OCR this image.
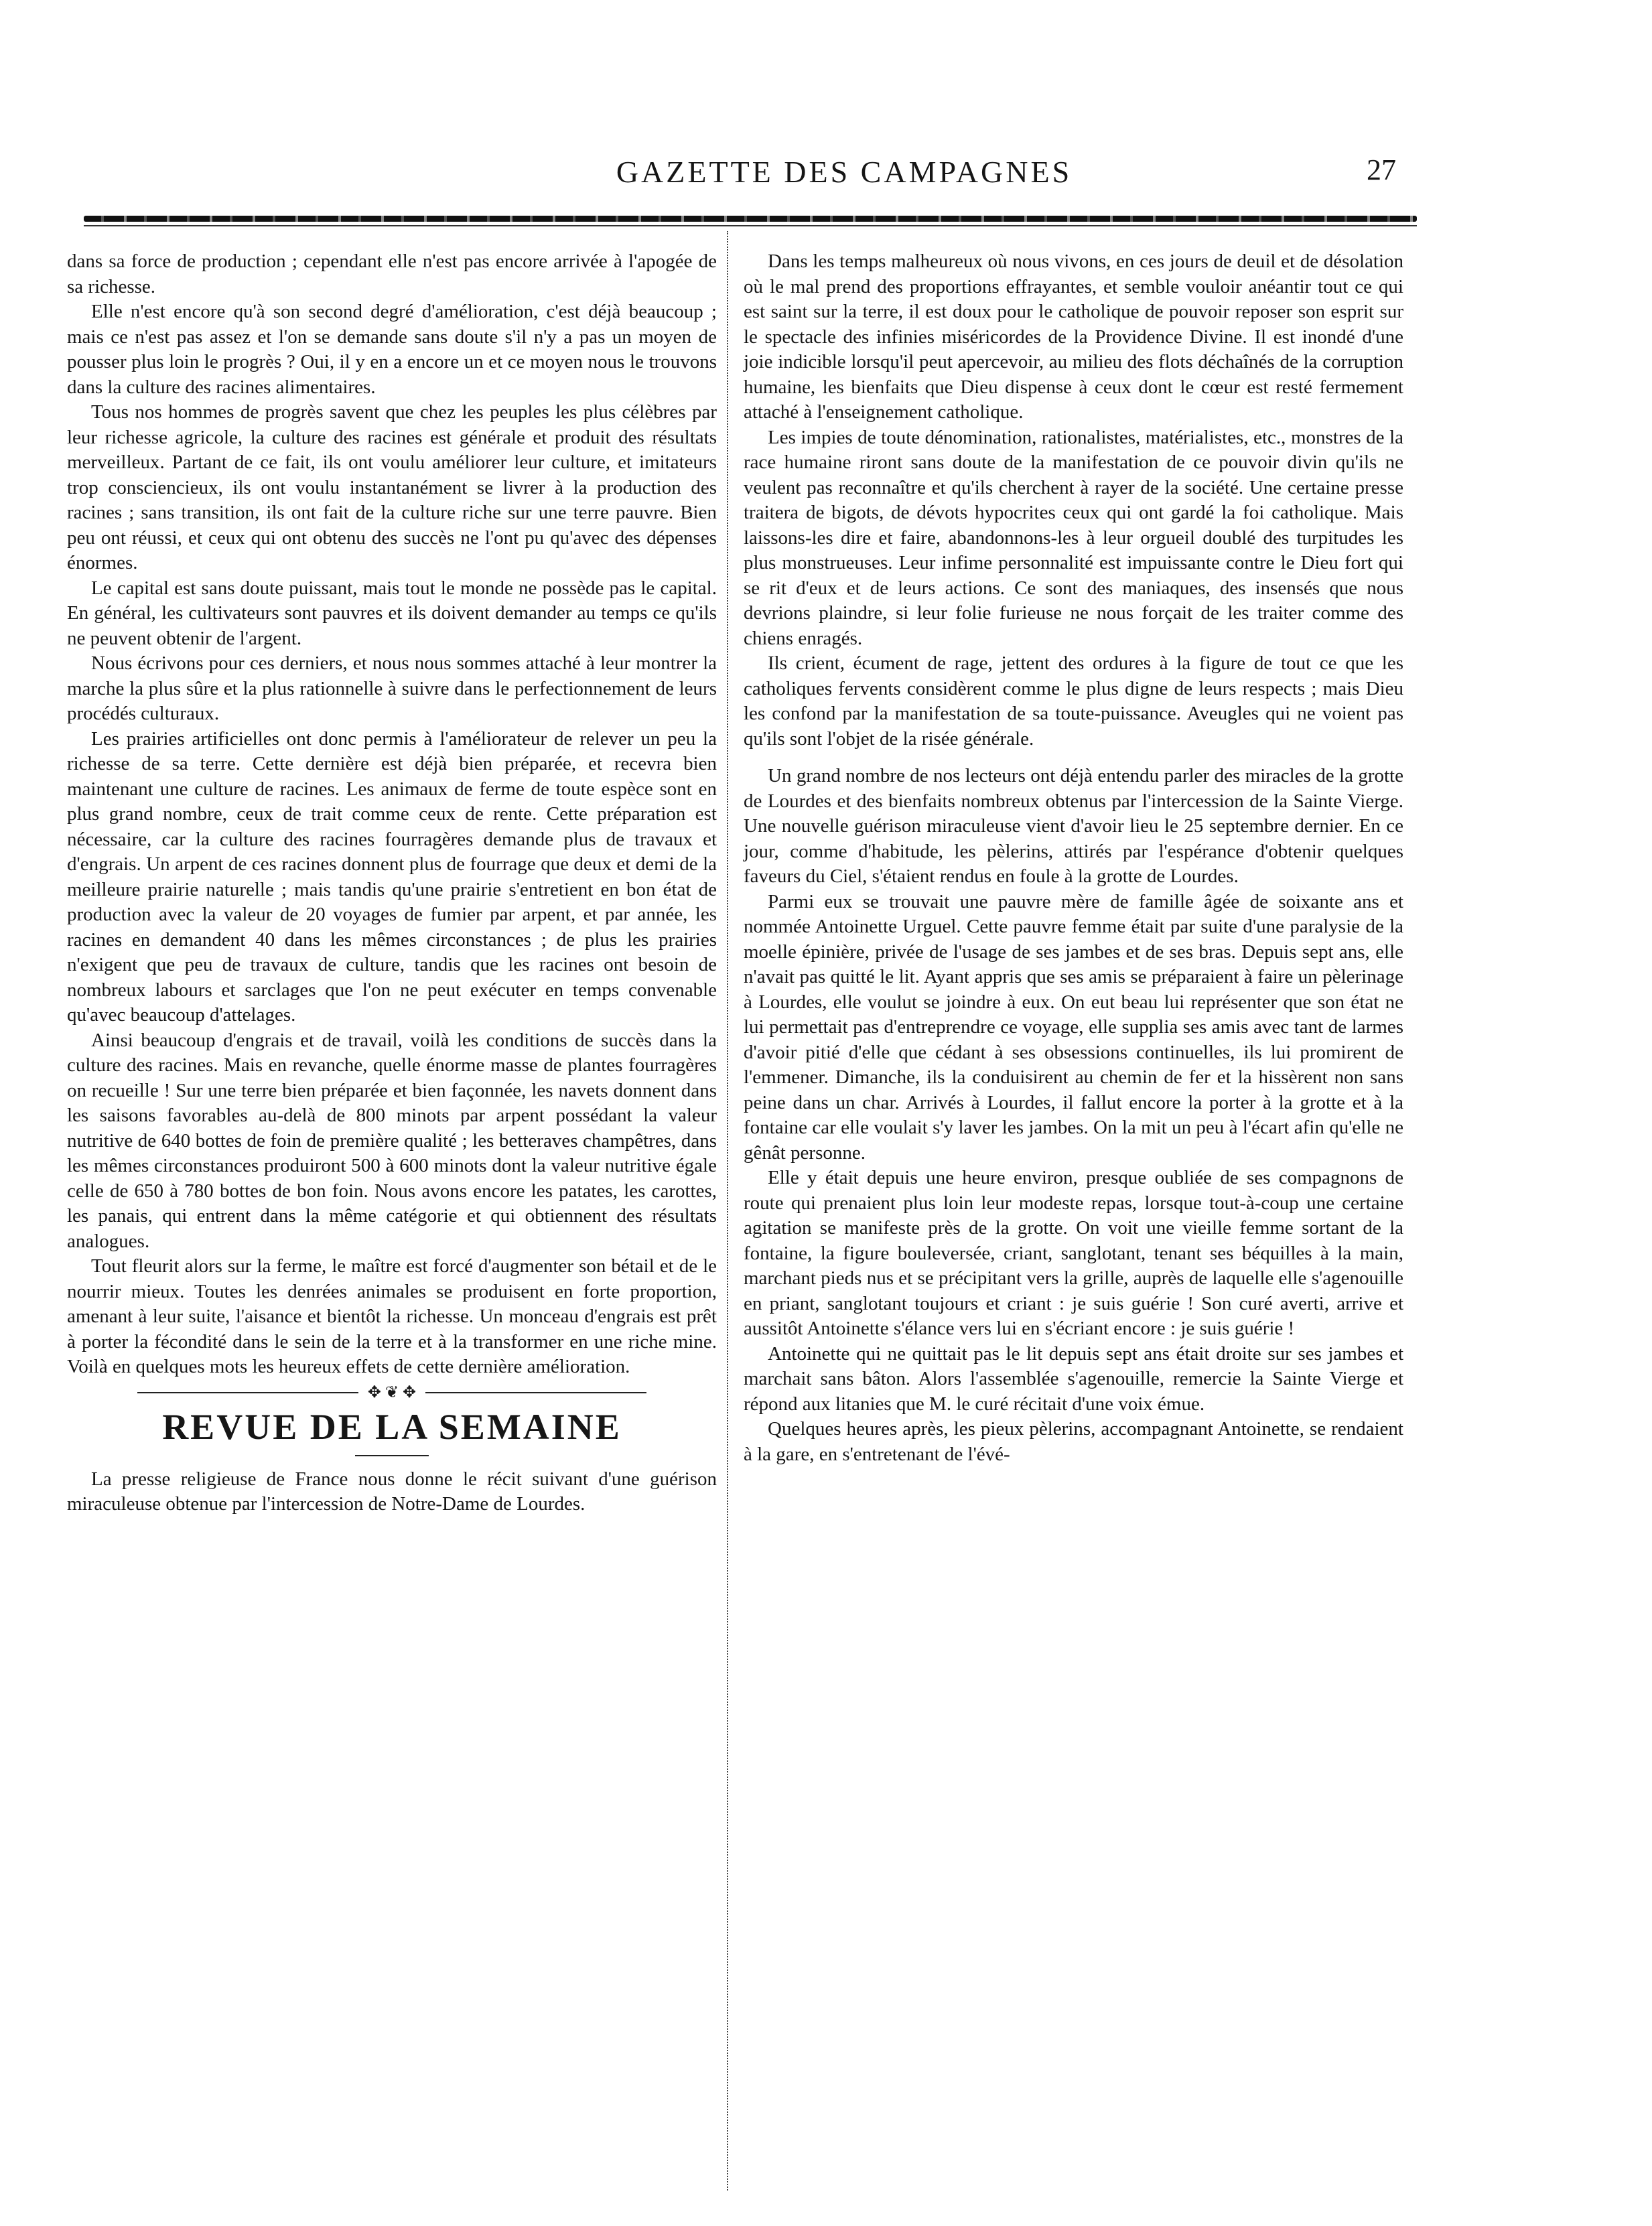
GAZETTE DES CAMPAGNES	27

dans sa force de production ; cependant elle n'est pas encore arrivée à l'apogée de sa richesse.

Elle n'est encore qu'à son second degré d'amélioration, c'est déjà beaucoup ; mais ce n'est pas assez et l'on se demande sans doute s'il n'y a pas un moyen de pousser plus loin le progrès ? Oui, il y en a encore un et ce moyen nous le trouvons dans la culture des racines alimentaires.

Tous nos hommes de progrès savent que chez les peuples les plus célèbres par leur richesse agricole, la culture des racines est générale et produit des résultats merveilleux. Partant de ce fait, ils ont voulu améliorer leur culture, et imitateurs trop consciencieux, ils ont voulu instantanément se livrer à la production des racines ; sans transition, ils ont fait de la culture riche sur une terre pauvre. Bien peu ont réussi, et ceux qui ont obtenu des succès ne l'ont pu qu'avec des dépenses énormes.

Le capital est sans doute puissant, mais tout le monde ne possède pas le capital. En général, les cultivateurs sont pauvres et ils doivent demander au temps ce qu'ils ne peuvent obtenir de l'argent.

Nous écrivons pour ces derniers, et nous nous sommes attaché à leur montrer la marche la plus sûre et la plus rationnelle à suivre dans le perfectionnement de leurs procédés culturaux.

Les prairies artificielles ont donc permis à l'améliorateur de relever un peu la richesse de sa terre. Cette dernière est déjà bien préparée, et recevra bien maintenant une culture de racines. Les animaux de ferme de toute espèce sont en plus grand nombre, ceux de trait comme ceux de rente. Cette préparation est nécessaire, car la culture des racines fourragères demande plus de travaux et d'engrais. Un arpent de ces racines donnent plus de fourrage que deux et demi de la meilleure prairie naturelle ; mais tandis qu'une prairie s'entretient en bon état de production avec la valeur de 20 voyages de fumier par arpent, et par année, les racines en demandent 40 dans les mêmes circonstances ; de plus les prairies n'exigent que peu de travaux de culture, tandis que les racines ont besoin de nombreux labours et sarclages que l'on ne peut exécuter en temps convenable qu'avec beaucoup d'attelages.

Ainsi beaucoup d'engrais et de travail, voilà les conditions de succès dans la culture des racines. Mais en revanche, quelle énorme masse de plantes fourragères on recueille ! Sur une terre bien préparée et bien façonnée, les navets donnent dans les saisons favorables au-delà de 800 minots par arpent possédant la valeur nutritive de 640 bottes de foin de première qualité ; les betteraves champêtres, dans les mêmes circonstances produiront 500 à 600 minots dont la valeur nutritive égale celle de 650 à 780 bottes de bon foin. Nous avons encore les patates, les carottes, les panais, qui entrent dans la même catégorie et qui obtiennent des résultats analogues.

Tout fleurit alors sur la ferme, le maître est forcé d'augmenter son bétail et de le nourrir mieux. Toutes les denrées animales se produisent en forte proportion, amenant à leur suite, l'aisance et bientôt la richesse. Un monceau d'engrais est prêt à porter la fécondité dans le sein de la terre et à la transformer en une riche mine. Voilà en quelques mots les heureux effets de cette dernière amélioration.

✥ ❦ ✥
REVUE DE LA SEMAINE

La presse religieuse de France nous donne le récit suivant d'une guérison miraculeuse obtenue par l'intercession de Notre-Dame de Lourdes.

Dans les temps malheureux où nous vivons, en ces jours de deuil et de désolation où le mal prend des proportions effrayantes, et semble vouloir anéantir tout ce qui est saint sur la terre, il est doux pour le catholique de pouvoir reposer son esprit sur le spectacle des infinies miséricordes de la Providence Divine. Il est inondé d'une joie indicible lorsqu'il peut apercevoir, au milieu des flots déchaînés de la corruption humaine, les bienfaits que Dieu dispense à ceux dont le cœur est resté fermement attaché à l'enseignement catholique.

Les impies de toute dénomination, rationalistes, matérialistes, etc., monstres de la race humaine riront sans doute de la manifestation de ce pouvoir divin qu'ils ne veulent pas reconnaître et qu'ils cherchent à rayer de la société. Une certaine presse traitera de bigots, de dévots hypocrites ceux qui ont gardé la foi catholique. Mais laissons-les dire et faire, abandonnons-les à leur orgueil doublé des turpitudes les plus monstrueuses. Leur infime personnalité est impuissante contre le Dieu fort qui se rit d'eux et de leurs actions. Ce sont des maniaques, des insensés que nous devrions plaindre, si leur folie furieuse ne nous forçait de les traiter comme des chiens enragés.

Ils crient, écument de rage, jettent des ordures à la figure de tout ce que les catholiques fervents considèrent comme le plus digne de leurs respects ; mais Dieu les confond par la manifestation de sa toute-puissance. Aveugles qui ne voient pas qu'ils sont l'objet de la risée générale.

Un grand nombre de nos lecteurs ont déjà entendu parler des miracles de la grotte de Lourdes et des bienfaits nombreux obtenus par l'intercession de la Sainte Vierge. Une nouvelle guérison miraculeuse vient d'avoir lieu le 25 septembre dernier. En ce jour, comme d'habitude, les pèlerins, attirés par l'espérance d'obtenir quelques faveurs du Ciel, s'étaient rendus en foule à la grotte de Lourdes.

Parmi eux se trouvait une pauvre mère de famille âgée de soixante ans et nommée Antoinette Urguel. Cette pauvre femme était par suite d'une paralysie de la moelle épinière, privée de l'usage de ses jambes et de ses bras. Depuis sept ans, elle n'avait pas quitté le lit. Ayant appris que ses amis se préparaient à faire un pèlerinage à Lourdes, elle voulut se joindre à eux. On eut beau lui représenter que son état ne lui permettait pas d'entreprendre ce voyage, elle supplia ses amis avec tant de larmes d'avoir pitié d'elle que cédant à ses obsessions continuelles, ils lui promirent de l'emmener. Dimanche, ils la conduisirent au chemin de fer et la hissèrent non sans peine dans un char. Arrivés à Lourdes, il fallut encore la porter à la grotte et à la fontaine car elle voulait s'y laver les jambes. On la mit un peu à l'écart afin qu'elle ne gênât personne.

Elle y était depuis une heure environ, presque oubliée de ses compagnons de route qui prenaient plus loin leur modeste repas, lorsque tout-à-coup une certaine agitation se manifeste près de la grotte. On voit une vieille femme sortant de la fontaine, la figure bouleversée, criant, sanglotant, tenant ses béquilles à la main, marchant pieds nus et se précipitant vers la grille, auprès de laquelle elle s'agenouille en priant, sanglotant toujours et criant : je suis guérie ! Son curé averti, arrive et aussitôt Antoinette s'élance vers lui en s'écriant encore : je suis guérie !

Antoinette qui ne quittait pas le lit depuis sept ans était droite sur ses jambes et marchait sans bâton. Alors l'assemblée s'agenouille, remercie la Sainte Vierge et répond aux litanies que M. le curé récitait d'une voix émue.

Quelques heures après, les pieux pèlerins, accompagnant Antoinette, se rendaient à la gare, en s'entretenant de l'évé-
